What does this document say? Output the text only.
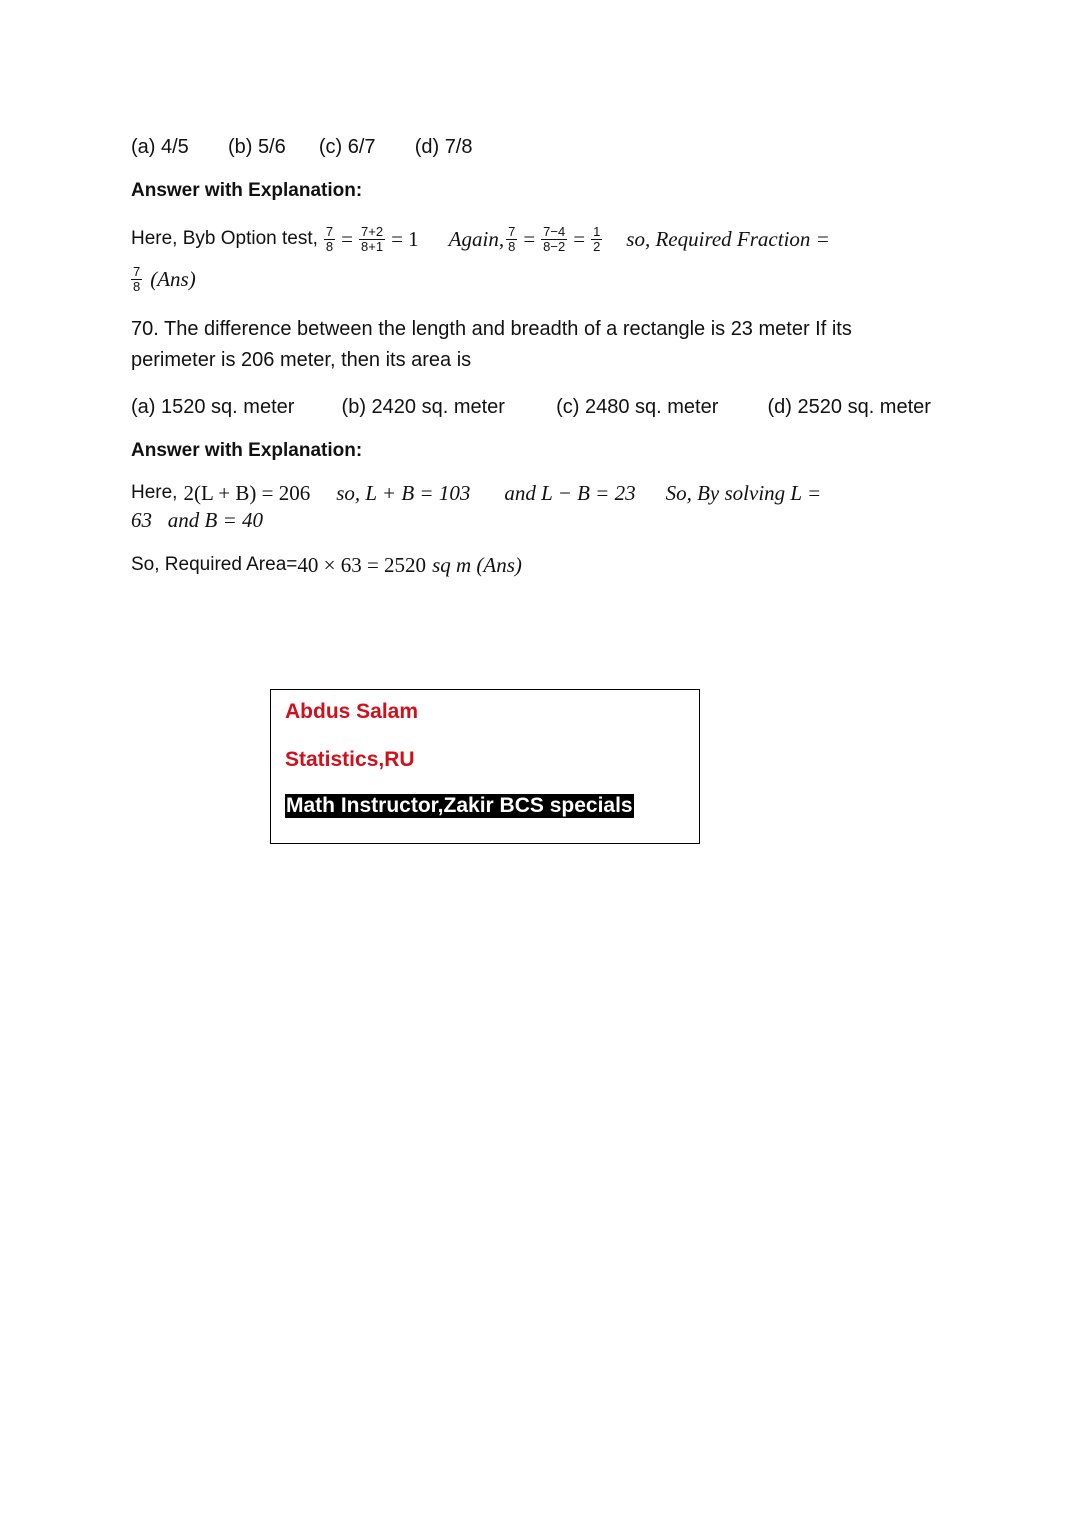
(a) 4/5 (b) 5/6 (c) 6/7 (d) 7/8
Answer with Explanation:
Here, Byb Option test, $\frac{7}{8} = \frac{7+2}{8+1} = 1$ Again, $\frac{7}{8} = \frac{7-4}{8-2} = \frac{1}{2}$ so, Required Fraction =
$\frac{7}{8} (Ans)$
70. The difference between the length and breadth of a rectangle is 23 meter If its
perimeter is 206 meter, then its area is
(a) 1520 sq. meter (b) 2420 sq. meter	(c) 2480 sq. meter (d) 2520 sq. meter
Answer with Explanation:
Here, 2(L + B) = 206 so, L + B = 103 and L − B = 23 So, By solving L =
63   and B = 40
So, Required Area= 40 × 63 = 2520 sq m (Ans)
Abdus Salam
Statistics,RU
Math Instructor,Zakir BCS specials
